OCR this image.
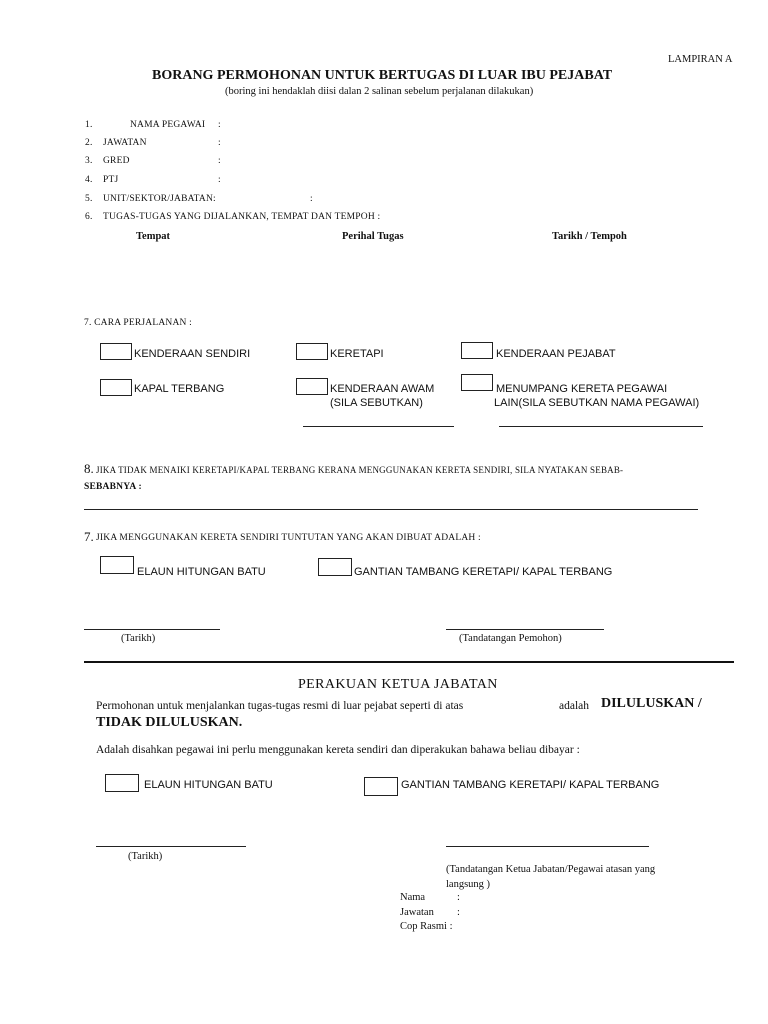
LAMPIRAN A
BORANG PERMOHONAN UNTUK BERTUGAS DI LUAR IBU PEJABAT
(boring ini hendaklah diisi dalan 2 salinan sebelum perjalanan dilakukan)
1.	NAMA PEGAWAI :
2. JAWATAN	:
3. GRED	:
4. PTJ	:
5. UNIT/SEKTOR/JABATAN:	:
6. TUGAS-TUGAS YANG DIJALANKAN, TEMPAT DAN TEMPOH :
Tempat	Perihal Tugas	Tarikh / Tempoh
7. CARA PERJALANAN :
KENDERAAN SENDIRI	KERETAPI	KENDERAAN PEJABAT
KAPAL TERBANG	KENDERAAN AWAM
(SILA SEBUTKAN)
MENUMPANG KERETA PEGAWAI
LAIN(SILA SEBUTKAN NAMA PEGAWAI)
8. JIKA TIDAK MENAIKI KERETAPI/KAPAL TERBANG KERANA MENGGUNAKAN KERETA SENDIRI, SILA NYATAKAN SEBAB-
SEBABNYA :
7. JIKA MENGGUNAKAN KERETA SENDIRI TUNTUTAN YANG AKAN DIBUAT ADALAH :
ELAUN HITUNGAN BATU	GANTIAN TAMBANG KERETAPI/ KAPAL TERBANG
(Tarikh)	(Tandatangan Pemohon)
PERAKUAN KETUA JABATAN
Permohonan untuk menjalankan tugas-tugas resmi di luar pejabat seperti di atas	adalah DILULUSKAN /
TIDAK DILULUSKAN.
Adalah disahkan pegawai ini perlu menggunakan kereta sendiri dan diperakukan bahawa beliau dibayar :
ELAUN HITUNGAN BATU	GANTIAN TAMBANG KERETAPI/ KAPAL TERBANG
(Tarikh)
(Tandatangan Ketua Jabatan/Pegawai atasan yang
langsung )
Nama	:
Jawatan :
Cop Rasmi :
